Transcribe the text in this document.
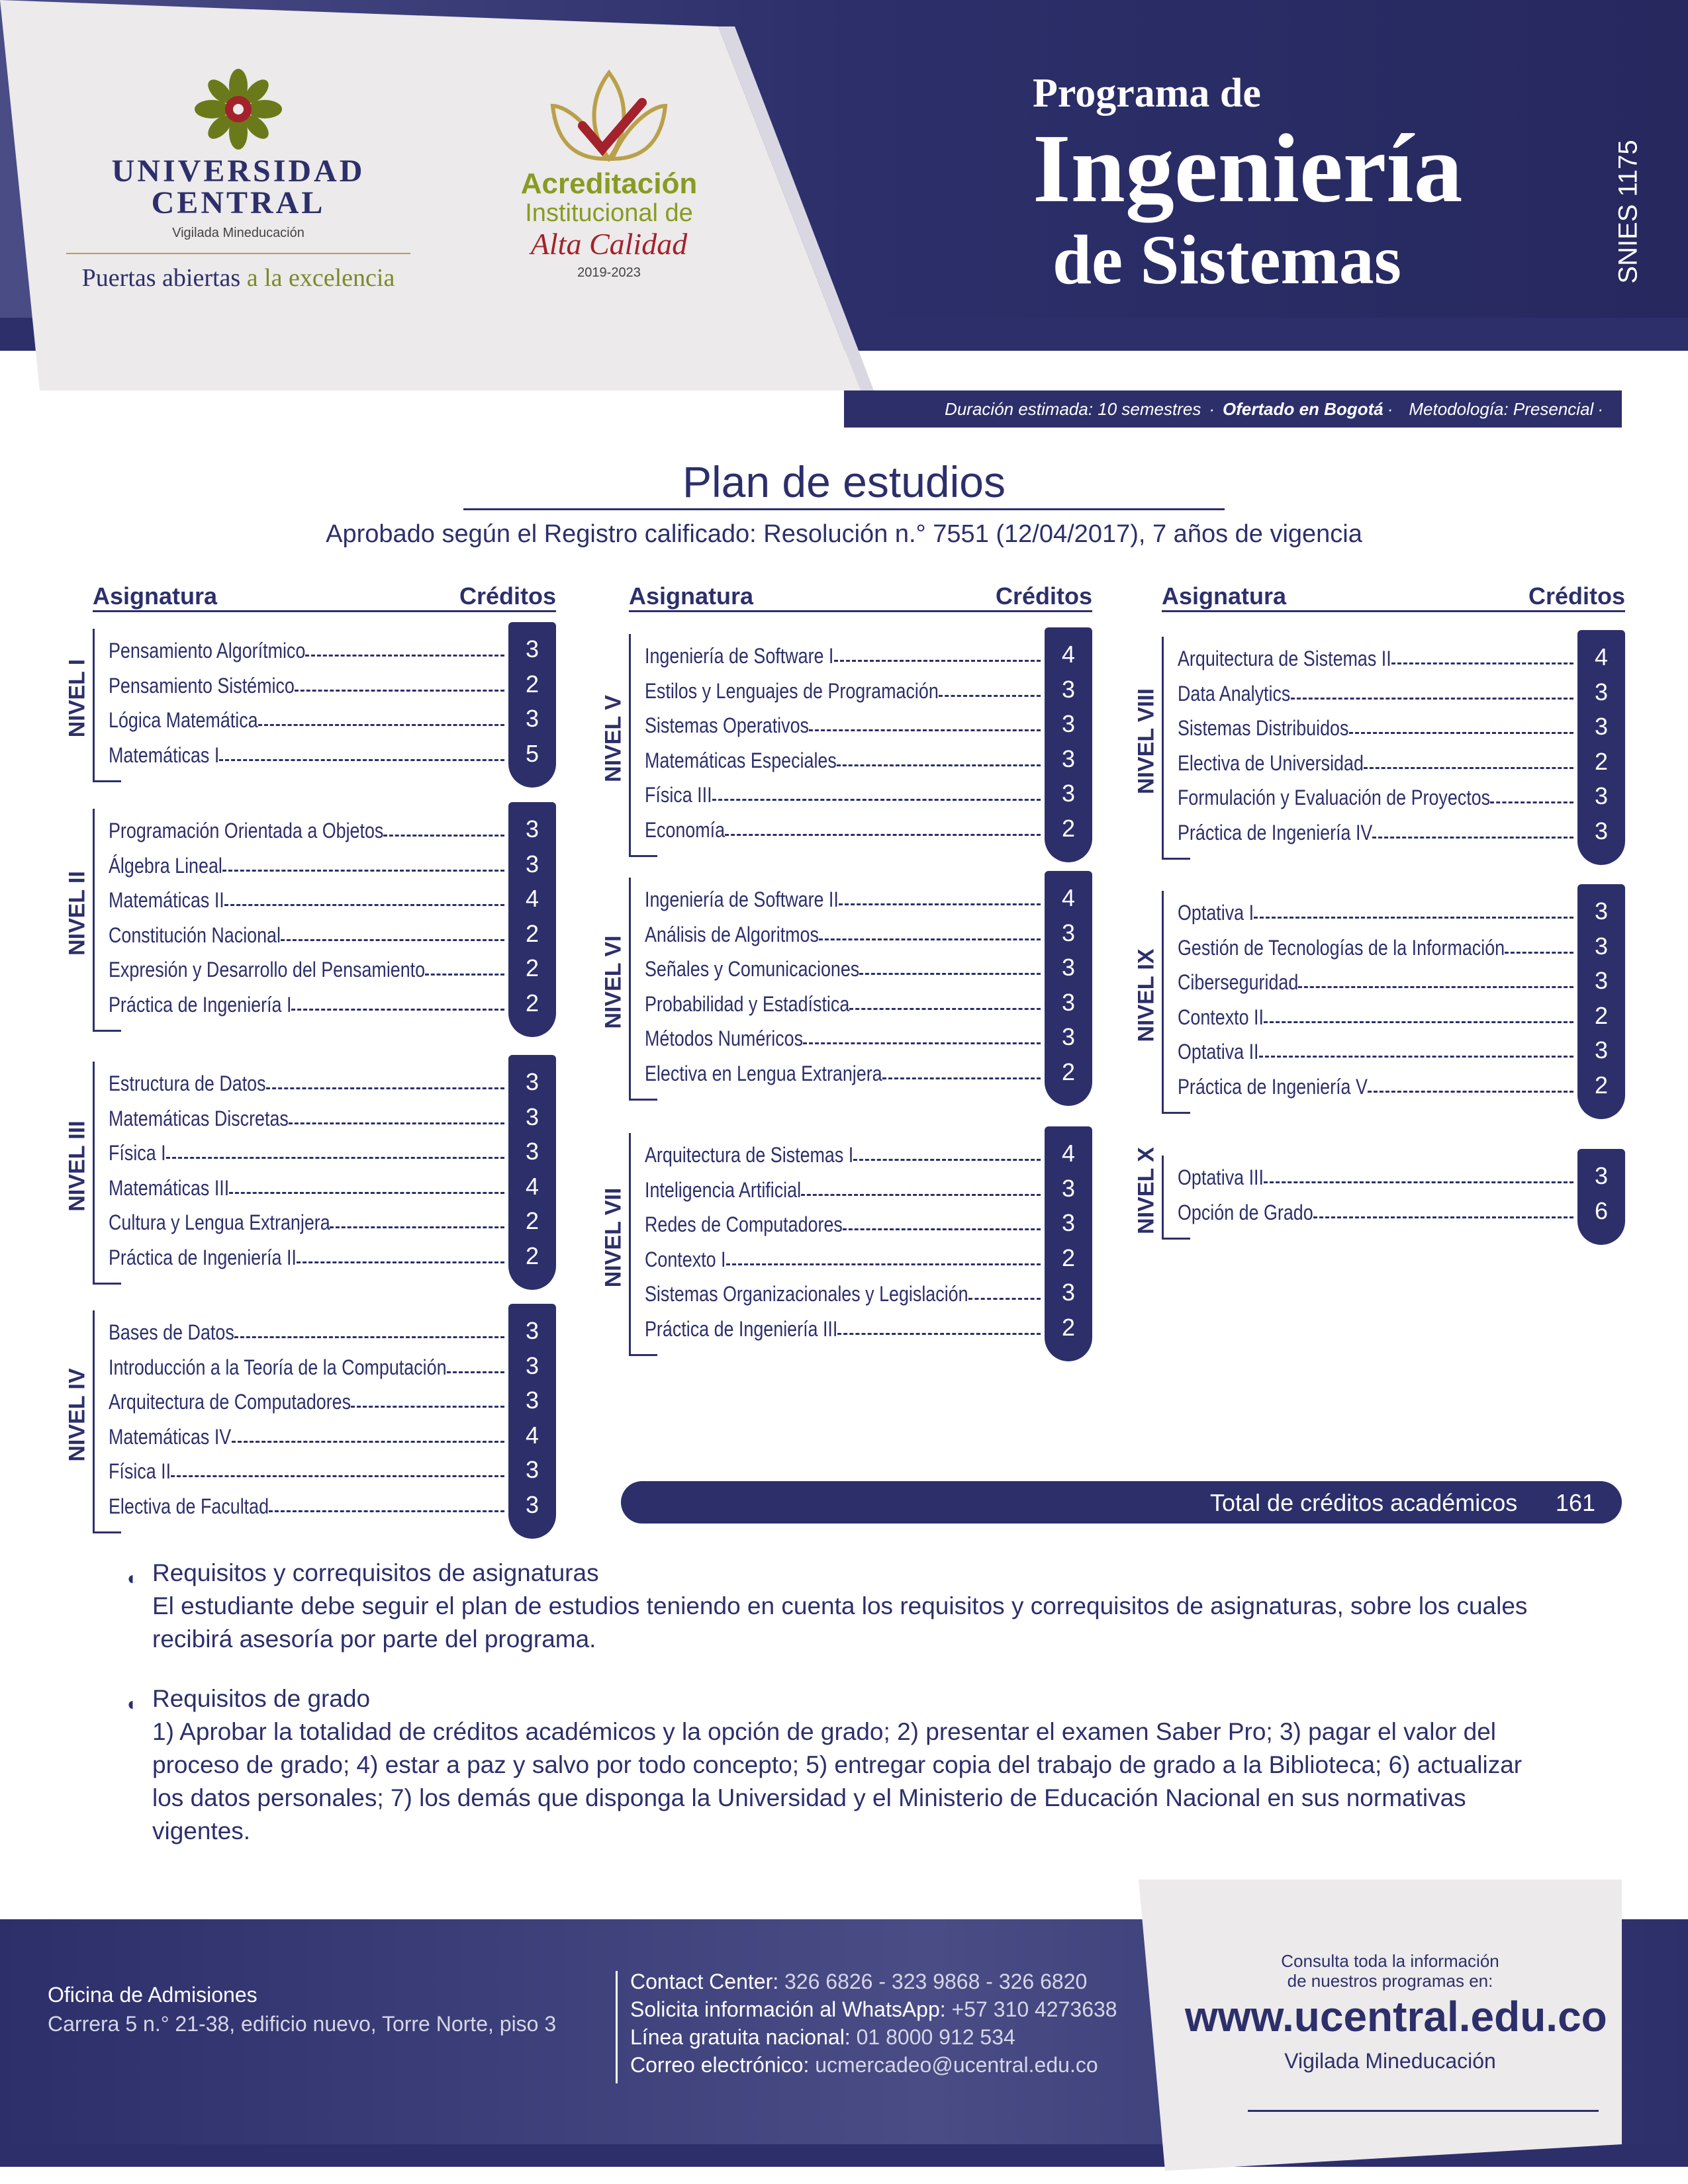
UNIVERSIDAD
CENTRAL
Vigilada Mineducación
Puertas abiertas a la excelencia
Acreditación
Institucional de
Alta Calidad
2019-2023
Programa de
Ingeniería
de Sistemas	SNIES 1175
Duración estimada: 10 semestres · Ofertado en Bogotá · Metodología: Presencial ·
Plan de estudios
Aprobado según el Registro calificado: Resolución n.° 7551 (12/04/2017), 7 años de vigencia
Asignatura	Créditos	Asignatura	Créditos	Asignatura	Créditos
NIVEL I
Pensamiento Algorítmico	3
Pensamiento Sistémico	2
Lógica Matemática	3
Matemáticas I	5
NIVEL II
Programación Orientada a Objetos	3
Álgebra Lineal	3
Matemáticas II	4
Constitución Nacional	2
Expresión y Desarrollo del Pensamiento	2
Práctica de Ingeniería I	2
NIVEL III
Estructura de Datos	3
Matemáticas Discretas	3
Física I	3
Matemáticas III	4
Cultura y Lengua Extranjera	2
Práctica de Ingeniería II	2
NIVEL IV
Bases de Datos	3
Introducción a la Teoría de la Computación	3
Arquitectura de Computadores	3
Matemáticas IV	4
Física II	3
Electiva de Facultad	3
NIVEL V
Ingeniería de Software I	4
Estilos y Lenguajes de Programación	3
Sistemas Operativos	3
Matemáticas Especiales	3
Física III	3
Economía	2
NIVEL VI
Ingeniería de Software II	4
Análisis de Algoritmos	3
Señales y Comunicaciones	3
Probabilidad y Estadística	3
Métodos Numéricos	3
Electiva en Lengua Extranjera	2
NIVEL VII
Arquitectura de Sistemas I	4
Inteligencia Artificial	3
Redes de Computadores	3
Contexto I	2
Sistemas Organizacionales y Legislación	3
Práctica de Ingeniería III	2
NIVEL VIII
Arquitectura de Sistemas II	4
Data Analytics	3
Sistemas Distribuidos	3
Electiva de Universidad	2
Formulación y Evaluación de Proyectos	3
Práctica de Ingeniería IV	3
NIVEL IX
Optativa I	3
Gestión de Tecnologías de la Información	3
Ciberseguridad	3
Contexto II	2
Optativa II	3
Práctica de Ingeniería V	2
NIVEL X Optativa III	3
Opción de Grado	6
Total de créditos académicos 161
◐ Requisitos y correquisitos de asignaturas

El estudiante debe seguir el plan de estudios teniendo en cuenta los requisitos y correquisitos de asignaturas, sobre los cuales recibirá asesoría por parte del programa.

◐ Requisitos de grado

1) Aprobar la totalidad de créditos académicos y la opción de grado; 2) presentar el examen Saber Pro; 3) pagar el valor del proceso de grado; 4) estar a paz y salvo por todo concepto; 5) entregar copia del trabajo de grado a la Biblioteca; 6) actualizar los datos personales; 7) los demás que disponga la Universidad y el Ministerio de Educación Nacional en sus normativas vigentes.

Oficina de Admisiones
Carrera 5 n.° 21-38, edificio nuevo, Torre Norte, piso 3
Contact Center: 326 6826 - 323 9868 - 326 6820
Solicita información al WhatsApp: +57 310 4273638
Línea gratuita nacional: 01 8000 912 534
Correo electrónico: ucmercadeo@ucentral.edu.co
Consulta toda la información
de nuestros programas en:
www.ucentral.edu.co
Vigilada Mineducación
